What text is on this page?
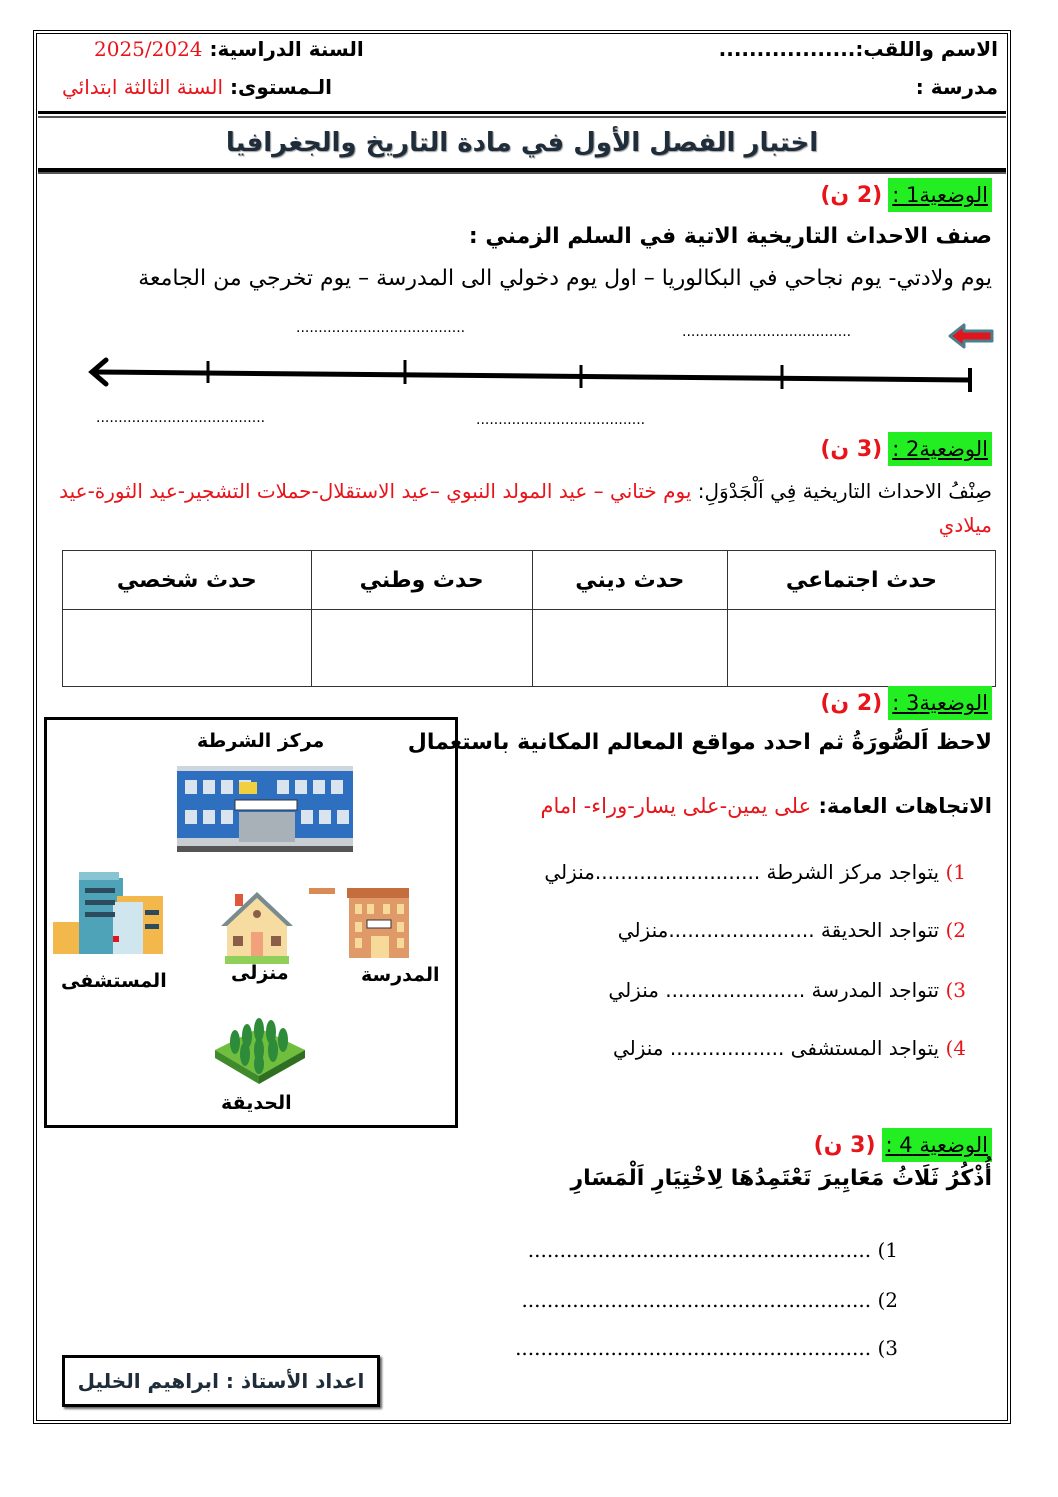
الاسم واللقب:..................
السنة الدراسية: 2025/2024
مدرسة :
الـمستوى: السنة الثالثة ابتدائي
اختبار الفصل الأول في مادة التاريخ والجغرافيا
الوضعية1 :
(2 ن)
صنف الاحداث التاريخية الاتية في السلم الزمني :
يوم ولادتي- يوم نجاحي في البكالوريا – اول يوم دخولي الى المدرسة – يوم تخرجي من الجامعة
......................................
......................................
......................................	......................................
الوضعية2 :
(3 ن)
صِنْفُ الاحداث التاريخية فِي اَلْجَدْوَلِ: يوم ختاني – عيد المولد النبوي –عيد الاستقلال-حملات التشجير-عيد الثورة-عيد ميلادي
حدث اجتماعي	حدث ديني	حدث وطني	حدث شخصي

الوضعية3 :
(2 ن)
لاحظ اَلصُّورَةُ ثم احدد مواقع المعالم المكانية باستعمال
الاتجاهات العامة: على يمين-على يسار-وراء- امام
مركز الشرطة
المستشفى	منزلى	المدرسة
الحديقة
1) يتواجد مركز الشرطة ..........................منزلي
2) تتواجد الحديقة .......................منزلي
3) تتواجد المدرسة ...................... منزلي
4) يتواجد المستشفى .................. منزلي
الوضعية 4 :
(3 ن)
أُذْكُرُ ثَلَاثُ مَعَايِيرَ تَعْتَمِدُهَا لِاخْتِيَارِ اَلْمَسَارِ
1) ......................................................
2) .......................................................
3) ........................................................
اعداد الأستاذ : ابراهيم الخليل
